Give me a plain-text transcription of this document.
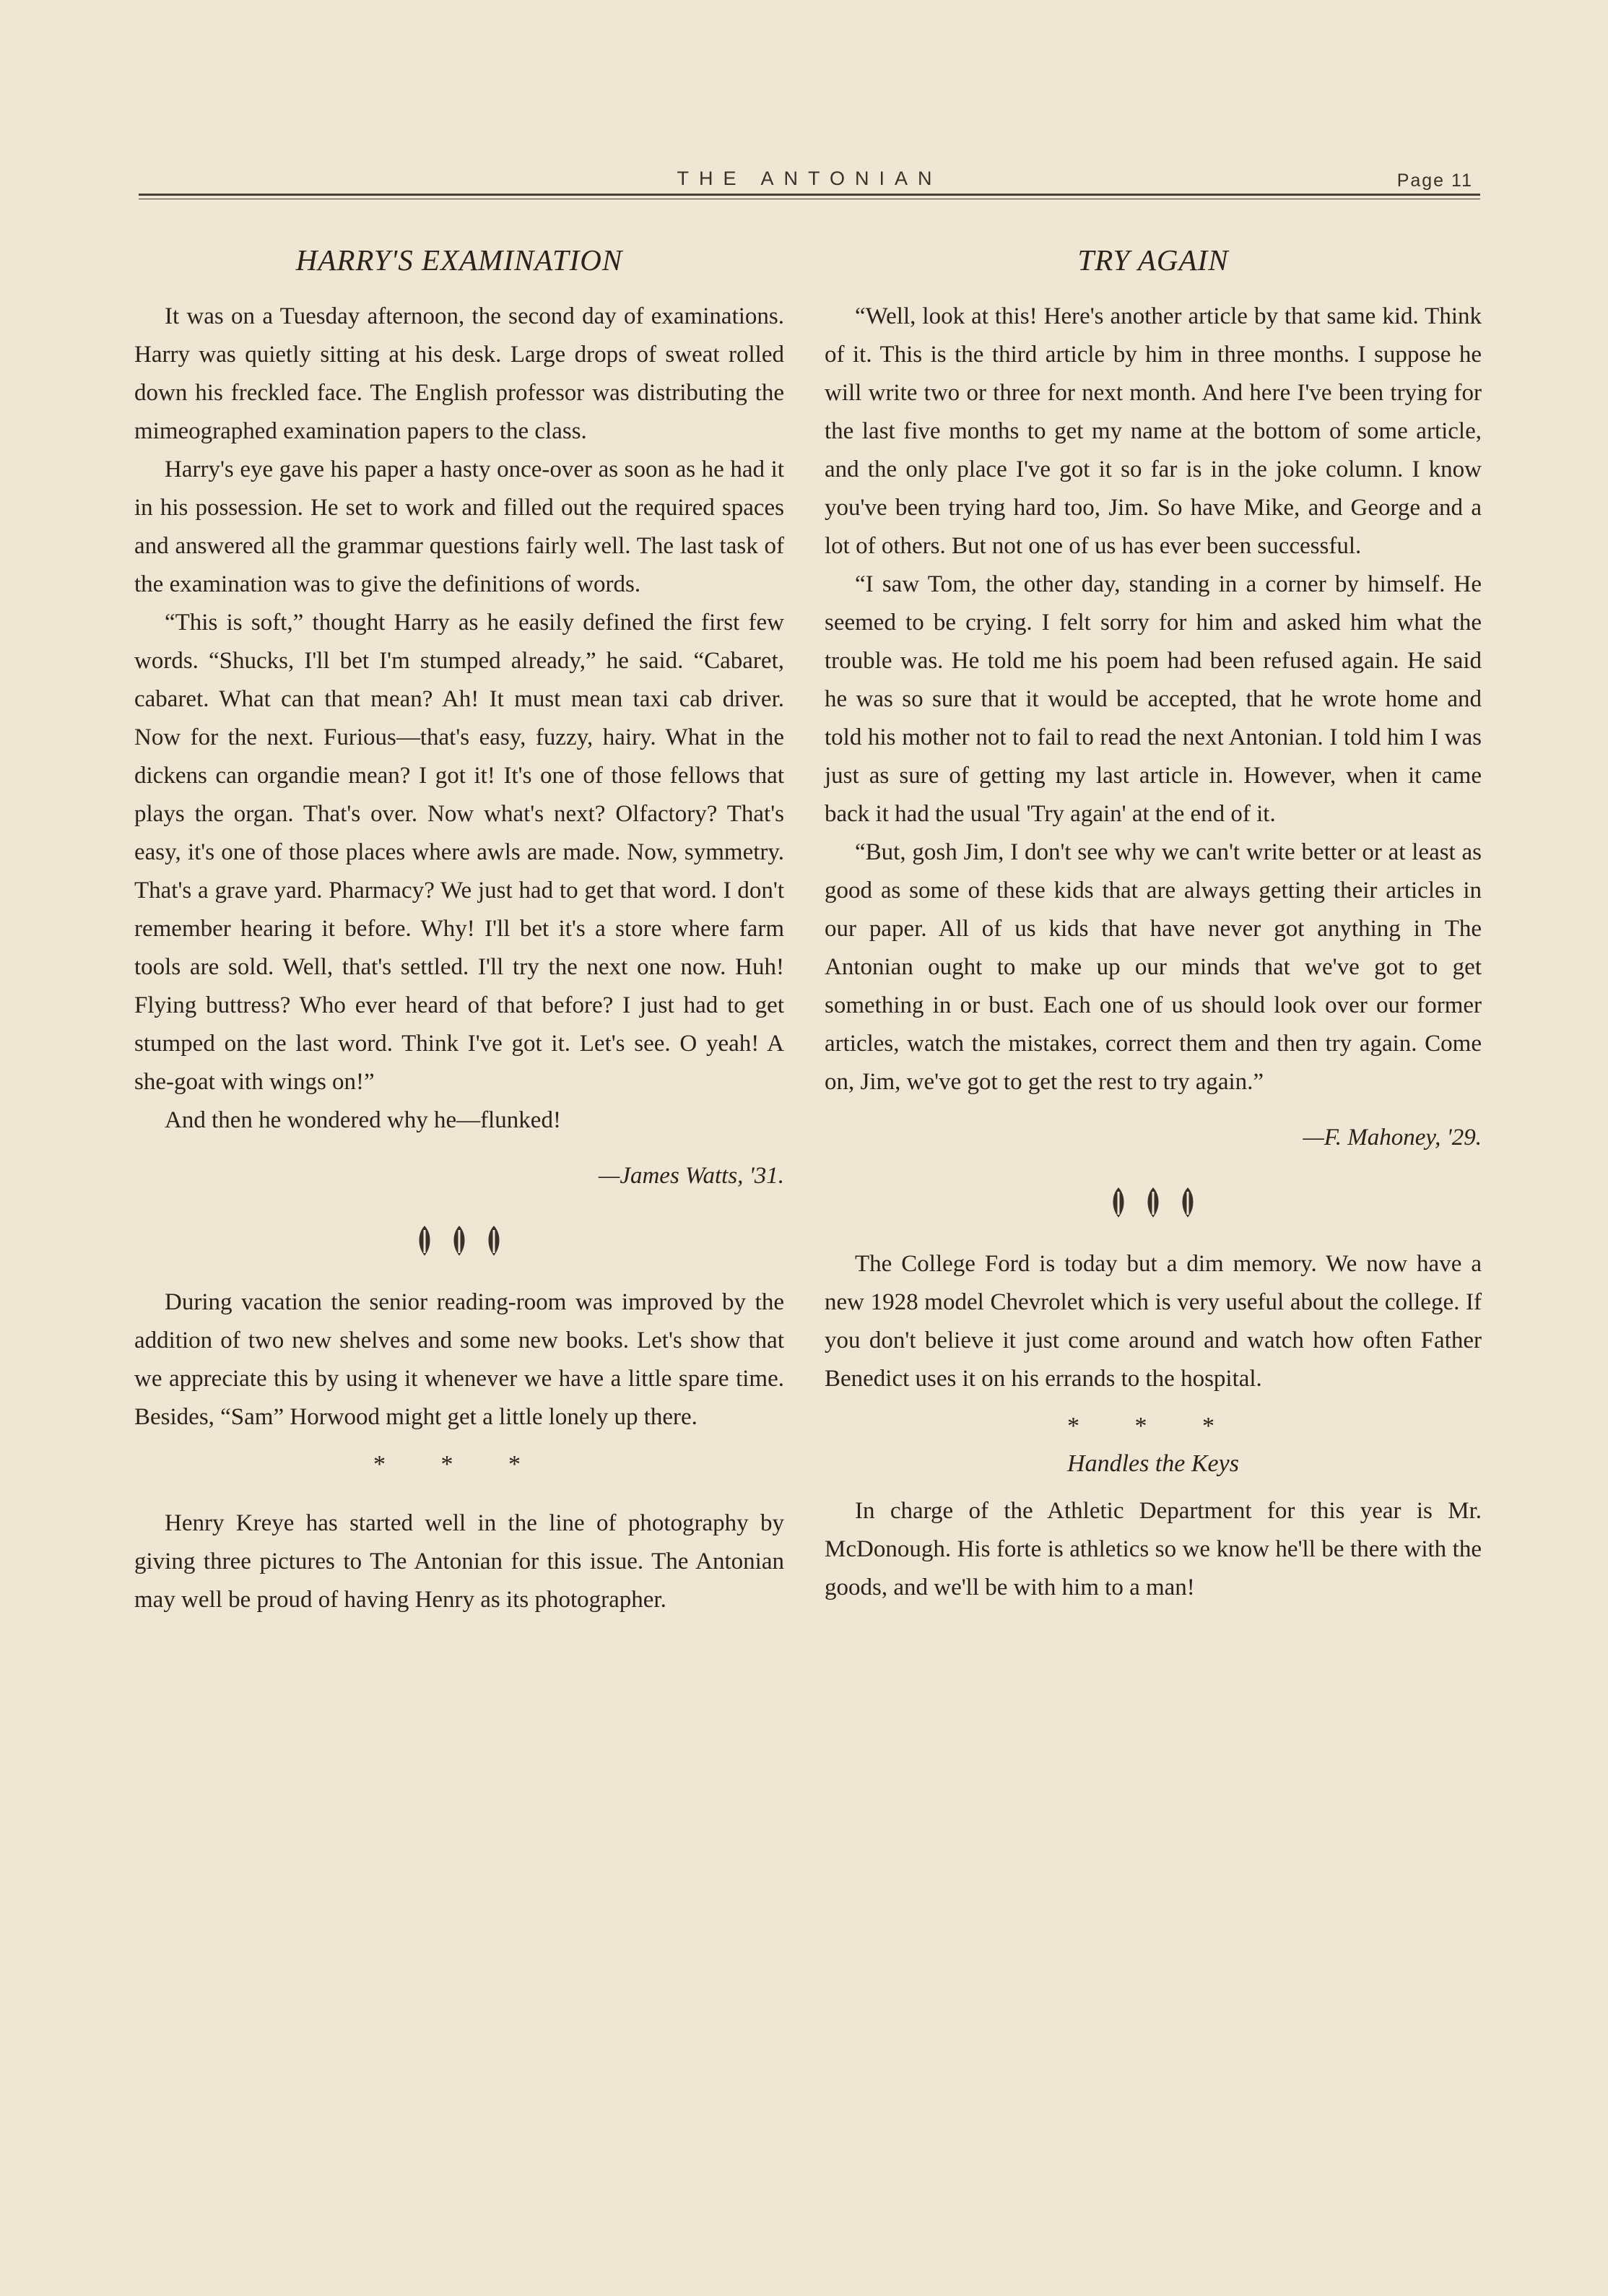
THE ANTONIAN	Page 11
HARRY'S EXAMINATION

It was on a Tuesday afternoon, the second day of examinations. Harry was quietly sitting at his desk. Large drops of sweat rolled down his freckled face. The English professor was distributing the mimeographed examination papers to the class.

Harry's eye gave his paper a hasty once-over as soon as he had it in his possession. He set to work and filled out the required spaces and answered all the grammar questions fairly well. The last task of the examination was to give the definitions of words.

“This is soft,” thought Harry as he easily defined the first few words. “Shucks, I'll bet I'm stumped already,” he said. “Cabaret, cabaret. What can that mean? Ah! It must mean taxi cab driver. Now for the next. Furious—that's easy, fuzzy, hairy. What in the dickens can organdie mean? I got it! It's one of those fellows that plays the organ. That's over. Now what's next? Olfactory? That's easy, it's one of those places where awls are made. Now, symmetry. That's a grave yard. Pharmacy? We just had to get that word. I don't remember hearing it before. Why! I'll bet it's a store where farm tools are sold. Well, that's settled. I'll try the next one now. Huh! Flying buttress? Who ever heard of that before? I just had to get stumped on the last word. Think I've got it. Let's see. O yeah! A she-goat with wings on!”

And then he wondered why he—flunked!

—James Watts, '31.

During vacation the senior reading-room was improved by the addition of two new shelves and some new books. Let's show that we appreciate this by using it whenever we have a little spare time. Besides, “Sam” Horwood might get a little lonely up there.

* * *

Henry Kreye has started well in the line of photography by giving three pictures to The Antonian for this issue. The Antonian may well be proud of having Henry as its photographer.

TRY AGAIN

“Well, look at this! Here's another article by that same kid. Think of it. This is the third article by him in three months. I suppose he will write two or three for next month. And here I've been trying for the last five months to get my name at the bottom of some article, and the only place I've got it so far is in the joke column. I know you've been trying hard too, Jim. So have Mike, and George and a lot of others. But not one of us has ever been successful.

“I saw Tom, the other day, standing in a corner by himself. He seemed to be crying. I felt sorry for him and asked him what the trouble was. He told me his poem had been refused again. He said he was so sure that it would be accepted, that he wrote home and told his mother not to fail to read the next Antonian. I told him I was just as sure of getting my last article in. However, when it came back it had the usual 'Try again' at the end of it.

“But, gosh Jim, I don't see why we can't write better or at least as good as some of these kids that are always getting their articles in our paper. All of us kids that have never got anything in The Antonian ought to make up our minds that we've got to get something in or bust. Each one of us should look over our former articles, watch the mistakes, correct them and then try again. Come on, Jim, we've got to get the rest to try again.”

—F. Mahoney, '29.

The College Ford is today but a dim memory. We now have a new 1928 model Chevrolet which is very useful about the college. If you don't believe it just come around and watch how often Father Benedict uses it on his errands to the hospital.

* * *
Handles the Keys

In charge of the Athletic Department for this year is Mr. McDonough. His forte is athletics so we know he'll be there with the goods, and we'll be with him to a man!
